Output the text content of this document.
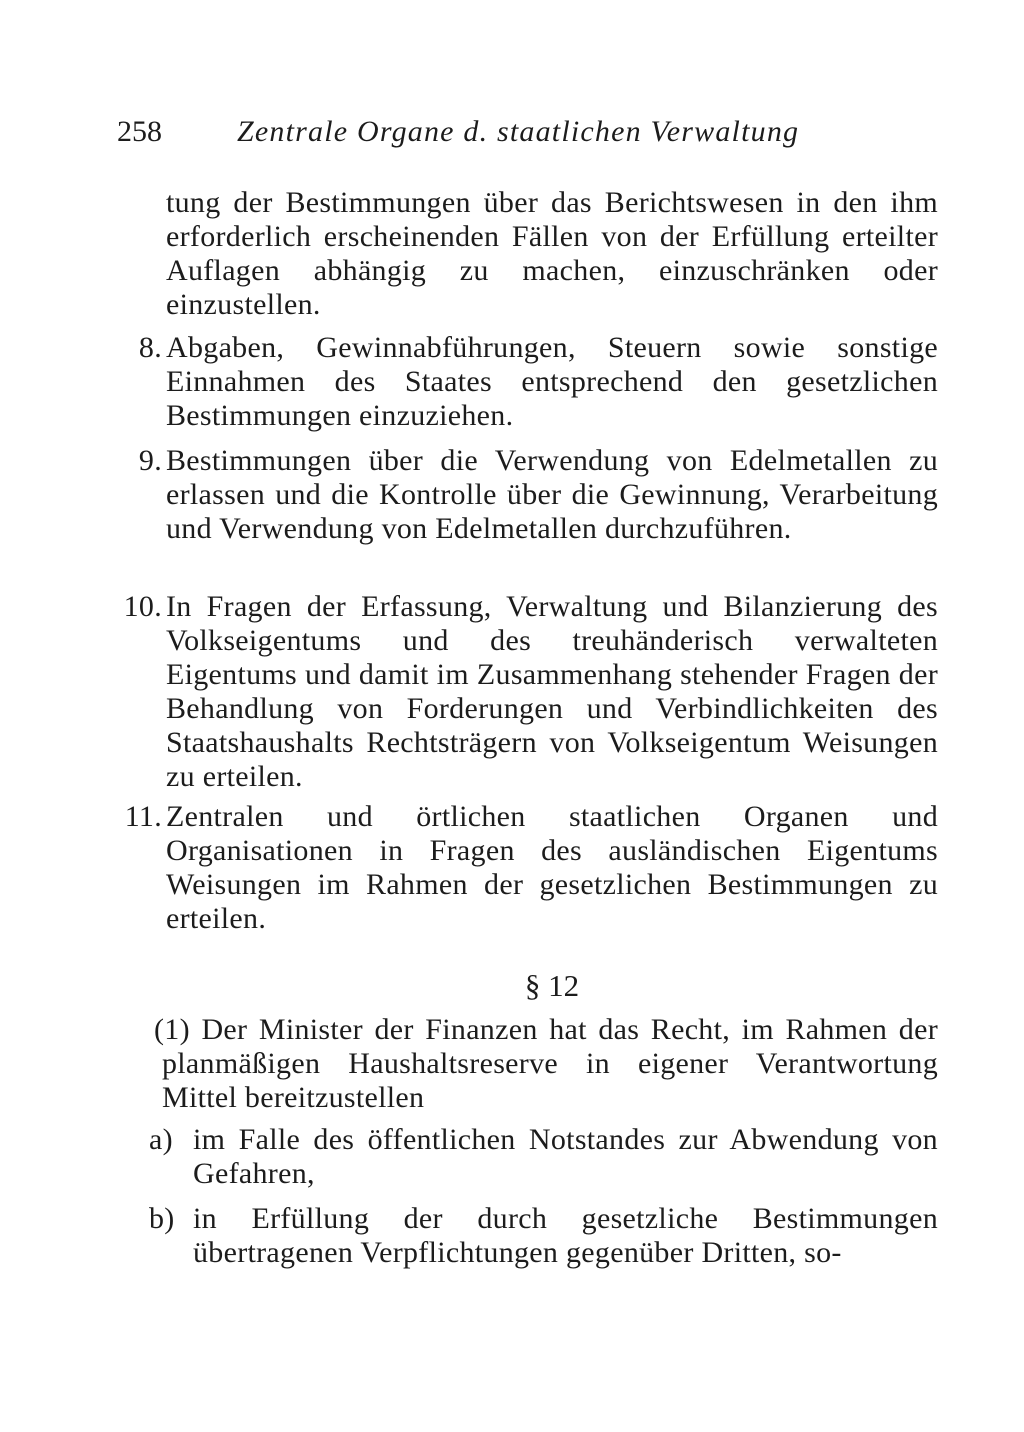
258	Zentrale Organe d. staatlichen Verwaltung
tung der Bestimmungen über das Berichtswesen in den ihm erforderlich erscheinenden Fällen von der Erfüllung erteilter Auflagen abhängig zu machen, einzuschränken oder einzustellen.
8. Abgaben, Gewinnabführungen, Steuern sowie sonstige Einnahmen des Staates entsprechend den gesetzlichen Bestimmungen einzuziehen.
9. Bestimmungen über die Verwendung von Edelmetallen zu erlassen und die Kontrolle über die Gewinnung, Verarbeitung und Verwendung von Edelmetallen durchzuführen.
10. In Fragen der Erfassung, Verwaltung und Bilanzierung des Volkseigentums und des treuhänderisch verwalteten Eigentums und damit im Zusammenhang stehender Fragen der Behandlung von Forderungen und Verbindlichkeiten des Staatshaushalts Rechtsträgern von Volkseigentum Weisungen zu erteilen.
11. Zentralen und örtlichen staatlichen Organen und Organisationen in Fragen des ausländischen Eigentums Weisungen im Rahmen der gesetzlichen Bestimmungen zu erteilen.
§ 12
(1) Der Minister der Finanzen hat das Recht, im Rahmen der planmäßigen Haushaltsreserve in eigener Verantwortung Mittel bereitzustellen
a) im Falle des öffentlichen Notstandes zur Abwendung von Gefahren,
b) in Erfüllung der durch gesetzliche Bestimmungen übertragenen Verpflichtungen gegenüber Dritten, so-
